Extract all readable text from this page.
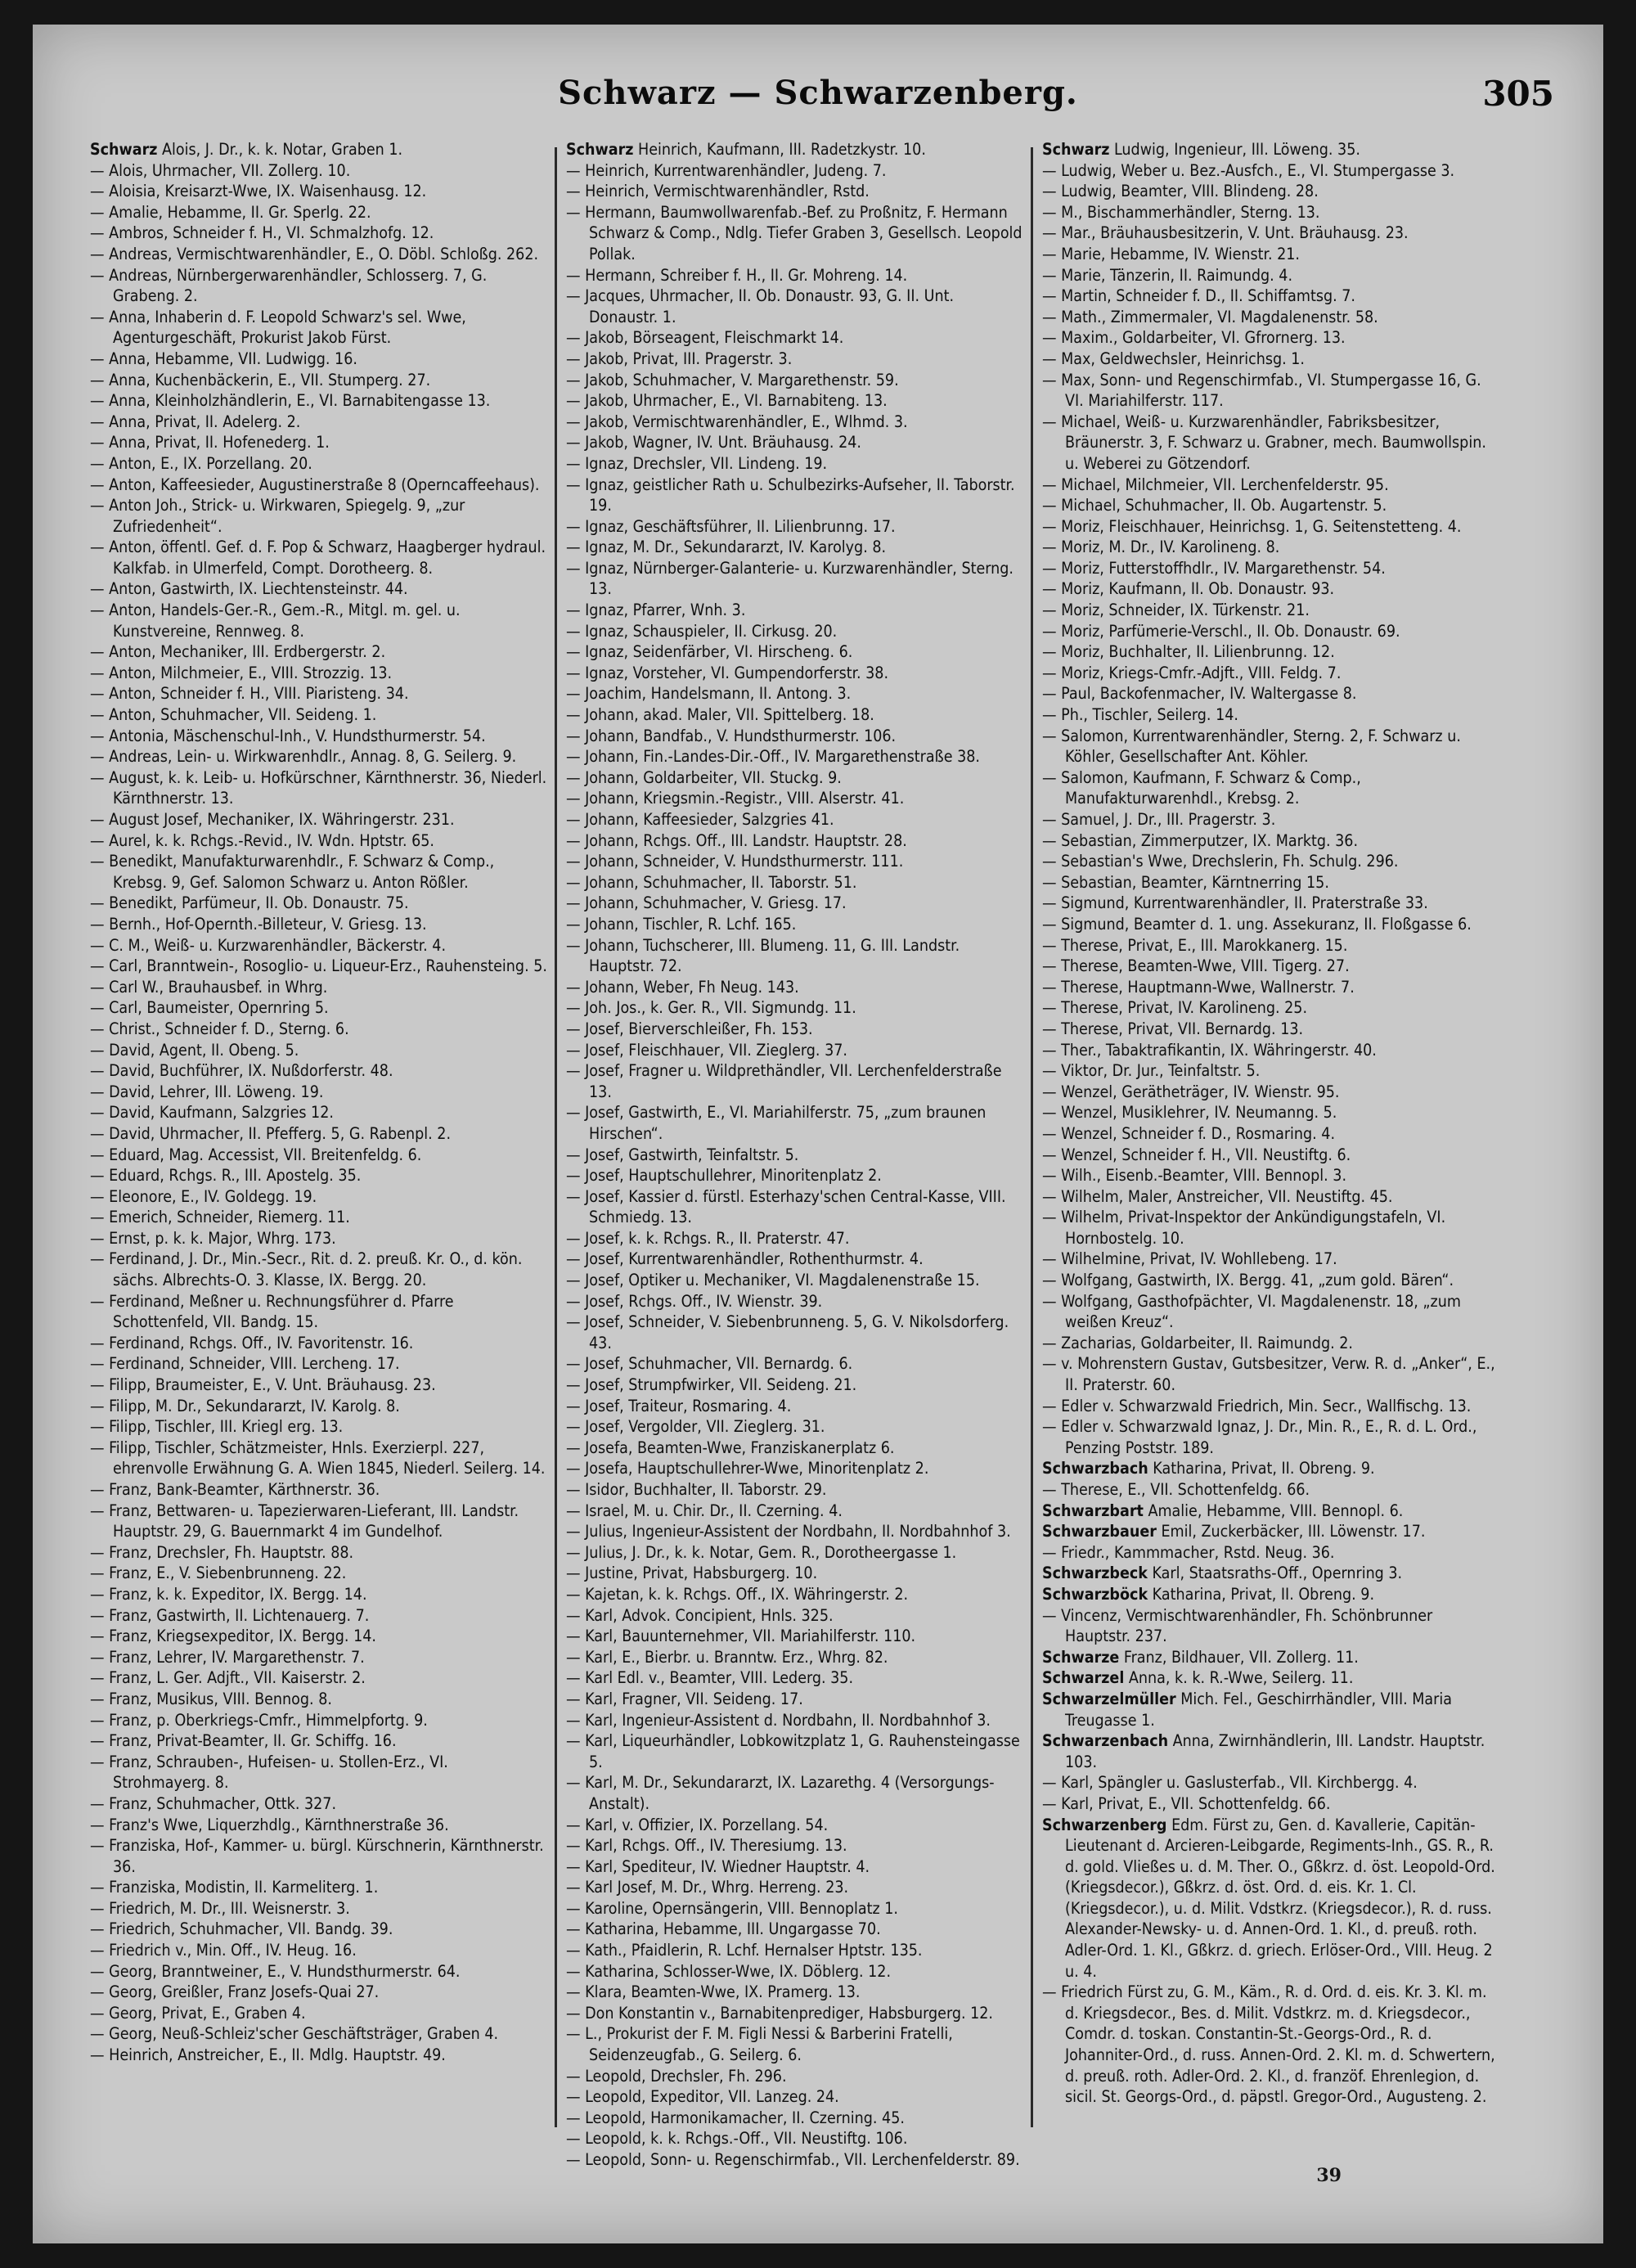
Schwarz — Schwarzenberg.	305

Schwarz Alois, J. Dr., k. k. Notar, Graben 1.

— Alois, Uhrmacher, VII. Zollerg. 10.

— Aloisia, Kreisarzt-Wwe, IX. Waisenhausg. 12.

— Amalie, Hebamme, II. Gr. Sperlg. 22.

— Ambros, Schneider f. H., VI. Schmalzhofg. 12.

— Andreas, Vermischtwarenhändler, E., O. Döbl. Schloßg. 262.

— Andreas, Nürnbergerwarenhändler, Schlosserg. 7, G. Grabeng. 2.

— Anna, Inhaberin d. F. Leopold Schwarz's sel. Wwe, Agenturgeschäft, Prokurist Jakob Fürst.

— Anna, Hebamme, VII. Ludwigg. 16.

— Anna, Kuchenbäckerin, E., VII. Stumperg. 27.

— Anna, Kleinholzhändlerin, E., VI. Barnabitengasse 13.

— Anna, Privat, II. Adelerg. 2.

— Anna, Privat, II. Hofenederg. 1.

— Anton, E., IX. Porzellang. 20.

— Anton, Kaffeesieder, Augustinerstraße 8 (Operncaffeehaus).

— Anton Joh., Strick- u. Wirkwaren, Spiegelg. 9, „zur Zufriedenheit“.

— Anton, öffentl. Gef. d. F. Pop & Schwarz, Haagberger hydraul. Kalkfab. in Ulmerfeld, Compt. Dorotheerg. 8.

— Anton, Gastwirth, IX. Liechtensteinstr. 44.

— Anton, Handels-Ger.-R., Gem.-R., Mitgl. m. gel. u. Kunstvereine, Rennweg. 8.

— Anton, Mechaniker, III. Erdbergerstr. 2.

— Anton, Milchmeier, E., VIII. Strozzig. 13.

— Anton, Schneider f. H., VIII. Piaristeng. 34.

— Anton, Schuhmacher, VII. Seideng. 1.

— Antonia, Mäschenschul-Inh., V. Hundsthurmerstr. 54.

— Andreas, Lein- u. Wirkwarenhdlr., Annag. 8, G. Seilerg. 9.

— August, k. k. Leib- u. Hofkürschner, Kärnthnerstr. 36, Niederl. Kärnthnerstr. 13.

— August Josef, Mechaniker, IX. Währingerstr. 231.

— Aurel, k. k. Rchgs.-Revid., IV. Wdn. Hptstr. 65.

— Benedikt, Manufakturwarenhdlr., F. Schwarz & Comp., Krebsg. 9, Gef. Salomon Schwarz u. Anton Rößler.

— Benedikt, Parfümeur, II. Ob. Donaustr. 75.

— Bernh., Hof-Opernth.-Billeteur, V. Griesg. 13.

— C. M., Weiß- u. Kurzwarenhändler, Bäckerstr. 4.

— Carl, Branntwein-, Rosoglio- u. Liqueur-Erz., Rauhensteing. 5.

— Carl W., Brauhausbef. in Whrg.

— Carl, Baumeister, Opernring 5.

— Christ., Schneider f. D., Sterng. 6.

— David, Agent, II. Obeng. 5.

— David, Buchführer, IX. Nußdorferstr. 48.

— David, Lehrer, III. Löweng. 19.

— David, Kaufmann, Salzgries 12.

— David, Uhrmacher, II. Pfefferg. 5, G. Rabenpl. 2.

— Eduard, Mag. Accessist, VII. Breitenfeldg. 6.

— Eduard, Rchgs. R., III. Apostelg. 35.

— Eleonore, E., IV. Goldegg. 19.

— Emerich, Schneider, Riemerg. 11.

— Ernst, p. k. k. Major, Whrg. 173.

— Ferdinand, J. Dr., Min.-Secr., Rit. d. 2. preuß. Kr. O., d. kön. sächs. Albrechts-O. 3. Klasse, IX. Bergg. 20.

— Ferdinand, Meßner u. Rechnungsführer d. Pfarre Schottenfeld, VII. Bandg. 15.

— Ferdinand, Rchgs. Off., IV. Favoritenstr. 16.

— Ferdinand, Schneider, VIII. Lercheng. 17.

— Filipp, Braumeister, E., V. Unt. Bräuhausg. 23.

— Filipp, M. Dr., Sekundararzt, IV. Karolg. 8.

— Filipp, Tischler, III. Kriegl erg. 13.

— Filipp, Tischler, Schätzmeister, Hnls. Exerzierpl. 227, ehrenvolle Erwähnung G. A. Wien 1845, Niederl. Seilerg. 14.

— Franz, Bank-Beamter, Kärthnerstr. 36.

— Franz, Bettwaren- u. Tapezierwaren-Lieferant, III. Landstr. Hauptstr. 29, G. Bauernmarkt 4 im Gundelhof.

— Franz, Drechsler, Fh. Hauptstr. 88.

— Franz, E., V. Siebenbrunneng. 22.

— Franz, k. k. Expeditor, IX. Bergg. 14.

— Franz, Gastwirth, II. Lichtenauerg. 7.

— Franz, Kriegsexpeditor, IX. Bergg. 14.

— Franz, Lehrer, IV. Margarethenstr. 7.

— Franz, L. Ger. Adjft., VII. Kaiserstr. 2.

— Franz, Musikus, VIII. Bennog. 8.

— Franz, p. Oberkriegs-Cmfr., Himmelpfortg. 9.

— Franz, Privat-Beamter, II. Gr. Schiffg. 16.

— Franz, Schrauben-, Hufeisen- u. Stollen-Erz., VI. Strohmayerg. 8.

— Franz, Schuhmacher, Ottk. 327.

— Franz's Wwe, Liquerzhdlg., Kärnthnerstraße 36.

— Franziska, Hof-, Kammer- u. bürgl. Kürschnerin, Kärnthnerstr. 36.

— Franziska, Modistin, II. Karmeliterg. 1.

— Friedrich, M. Dr., III. Weisnerstr. 3.

— Friedrich, Schuhmacher, VII. Bandg. 39.

— Friedrich v., Min. Off., IV. Heug. 16.

— Georg, Branntweiner, E., V. Hundsthurmerstr. 64.

— Georg, Greißler, Franz Josefs-Quai 27.

— Georg, Privat, E., Graben 4.

— Georg, Neuß-Schleiz'scher Geschäftsträger, Graben 4.

— Heinrich, Anstreicher, E., II. Mdlg. Hauptstr. 49.

Schwarz Heinrich, Kaufmann, III. Radetzkystr. 10.

— Heinrich, Kurrentwarenhändler, Judeng. 7.

— Heinrich, Vermischtwarenhändler, Rstd.

— Hermann, Baumwollwarenfab.-Bef. zu Proßnitz, F. Hermann Schwarz & Comp., Ndlg. Tiefer Graben 3, Gesellsch. Leopold Pollak.

— Hermann, Schreiber f. H., II. Gr. Mohreng. 14.

— Jacques, Uhrmacher, II. Ob. Donaustr. 93, G. II. Unt. Donaustr. 1.

— Jakob, Börseagent, Fleischmarkt 14.

— Jakob, Privat, III. Pragerstr. 3.

— Jakob, Schuhmacher, V. Margarethenstr. 59.

— Jakob, Uhrmacher, E., VI. Barnabiteng. 13.

— Jakob, Vermischtwarenhändler, E., Wlhmd. 3.

— Jakob, Wagner, IV. Unt. Bräuhausg. 24.

— Ignaz, Drechsler, VII. Lindeng. 19.

— Ignaz, geistlicher Rath u. Schulbezirks-Aufseher, II. Taborstr. 19.

— Ignaz, Geschäftsführer, II. Lilienbrunng. 17.

— Ignaz, M. Dr., Sekundararzt, IV. Karolyg. 8.

— Ignaz, Nürnberger-Galanterie- u. Kurzwarenhändler, Sterng. 13.

— Ignaz, Pfarrer, Wnh. 3.

— Ignaz, Schauspieler, II. Cirkusg. 20.

— Ignaz, Seidenfärber, VI. Hirscheng. 6.

— Ignaz, Vorsteher, VI. Gumpendorferstr. 38.

— Joachim, Handelsmann, II. Antong. 3.

— Johann, akad. Maler, VII. Spittelberg. 18.

— Johann, Bandfab., V. Hundsthurmerstr. 106.

— Johann, Fin.-Landes-Dir.-Off., IV. Margarethenstraße 38.

— Johann, Goldarbeiter, VII. Stuckg. 9.

— Johann, Kriegsmin.-Registr., VIII. Alserstr. 41.

— Johann, Kaffeesieder, Salzgries 41.

— Johann, Rchgs. Off., III. Landstr. Hauptstr. 28.

— Johann, Schneider, V. Hundsthurmerstr. 111.

— Johann, Schuhmacher, II. Taborstr. 51.

— Johann, Schuhmacher, V. Griesg. 17.

— Johann, Tischler, R. Lchf. 165.

— Johann, Tuchscherer, III. Blumeng. 11, G. III. Landstr. Hauptstr. 72.

— Johann, Weber, Fh Neug. 143.

— Joh. Jos., k. Ger. R., VII. Sigmundg. 11.

— Josef, Bierverschleißer, Fh. 153.

— Josef, Fleischhauer, VII. Zieglerg. 37.

— Josef, Fragner u. Wildprethändler, VII. Lerchenfelderstraße 13.

— Josef, Gastwirth, E., VI. Mariahilferstr. 75, „zum braunen Hirschen“.

— Josef, Gastwirth, Teinfaltstr. 5.

— Josef, Hauptschullehrer, Minoritenplatz 2.

— Josef, Kassier d. fürstl. Esterhazy'schen Central-Kasse, VIII. Schmiedg. 13.

— Josef, k. k. Rchgs. R., II. Praterstr. 47.

— Josef, Kurrentwarenhändler, Rothenthurmstr. 4.

— Josef, Optiker u. Mechaniker, VI. Magdalenenstraße 15.

— Josef, Rchgs. Off., IV. Wienstr. 39.

— Josef, Schneider, V. Siebenbrunneng. 5, G. V. Nikolsdorferg. 43.

— Josef, Schuhmacher, VII. Bernardg. 6.

— Josef, Strumpfwirker, VII. Seideng. 21.

— Josef, Traiteur, Rosmaring. 4.

— Josef, Vergolder, VII. Zieglerg. 31.

— Josefa, Beamten-Wwe, Franziskanerplatz 6.

— Josefa, Hauptschullehrer-Wwe, Minoritenplatz 2.

— Isidor, Buchhalter, II. Taborstr. 29.

— Israel, M. u. Chir. Dr., II. Czerning. 4.

— Julius, Ingenieur-Assistent der Nordbahn, II. Nordbahnhof 3.

— Julius, J. Dr., k. k. Notar, Gem. R., Dorotheergasse 1.

— Justine, Privat, Habsburgerg. 10.

— Kajetan, k. k. Rchgs. Off., IX. Währingerstr. 2.

— Karl, Advok. Concipient, Hnls. 325.

— Karl, Bauunternehmer, VII. Mariahilferstr. 110.

— Karl, E., Bierbr. u. Branntw. Erz., Whrg. 82.

— Karl Edl. v., Beamter, VIII. Lederg. 35.

— Karl, Fragner, VII. Seideng. 17.

— Karl, Ingenieur-Assistent d. Nordbahn, II. Nordbahnhof 3.

— Karl, Liqueurhändler, Lobkowitzplatz 1, G. Rauhensteingasse 5.

— Karl, M. Dr., Sekundararzt, IX. Lazarethg. 4 (Versorgungs-Anstalt).

— Karl, v. Offizier, IX. Porzellang. 54.

— Karl, Rchgs. Off., IV. Theresiumg. 13.

— Karl, Spediteur, IV. Wiedner Hauptstr. 4.

— Karl Josef, M. Dr., Whrg. Herreng. 23.

— Karoline, Opernsängerin, VIII. Bennoplatz 1.

— Katharina, Hebamme, III. Ungargasse 70.

— Kath., Pfaidlerin, R. Lchf. Hernalser Hptstr. 135.

— Katharina, Schlosser-Wwe, IX. Döblerg. 12.

— Klara, Beamten-Wwe, IX. Pramerg. 13.

— Don Konstantin v., Barnabitenprediger, Habsburgerg. 12.

— L., Prokurist der F. M. Figli Nessi & Barberini Fratelli, Seidenzeugfab., G. Seilerg. 6.

— Leopold, Drechsler, Fh. 296.

— Leopold, Expeditor, VII. Lanzeg. 24.

— Leopold, Harmonikamacher, II. Czerning. 45.

— Leopold, k. k. Rchgs.-Off., VII. Neustiftg. 106.

— Leopold, Sonn- u. Regenschirmfab., VII. Lerchenfelderstr. 89.

Schwarz Ludwig, Ingenieur, III. Löweng. 35.

— Ludwig, Weber u. Bez.-Ausfch., E., VI. Stumpergasse 3.

— Ludwig, Beamter, VIII. Blindeng. 28.

— M., Bischammerhändler, Sterng. 13.

— Mar., Bräuhausbesitzerin, V. Unt. Bräuhausg. 23.

— Marie, Hebamme, IV. Wienstr. 21.

— Marie, Tänzerin, II. Raimundg. 4.

— Martin, Schneider f. D., II. Schiffamtsg. 7.

— Math., Zimmermaler, VI. Magdalenenstr. 58.

— Maxim., Goldarbeiter, VI. Gfrornerg. 13.

— Max, Geldwechsler, Heinrichsg. 1.

— Max, Sonn- und Regenschirmfab., VI. Stumpergasse 16, G. VI. Mariahilferstr. 117.

— Michael, Weiß- u. Kurzwarenhändler, Fabriksbesitzer, Bräunerstr. 3, F. Schwarz u. Grabner, mech. Baumwollspin. u. Weberei zu Götzendorf.

— Michael, Milchmeier, VII. Lerchenfelderstr. 95.

— Michael, Schuhmacher, II. Ob. Augartenstr. 5.

— Moriz, Fleischhauer, Heinrichsg. 1, G. Seitenstetteng. 4.

— Moriz, M. Dr., IV. Karolineng. 8.

— Moriz, Futterstoffhdlr., IV. Margarethenstr. 54.

— Moriz, Kaufmann, II. Ob. Donaustr. 93.

— Moriz, Schneider, IX. Türkenstr. 21.

— Moriz, Parfümerie-Verschl., II. Ob. Donaustr. 69.

— Moriz, Buchhalter, II. Lilienbrunng. 12.

— Moriz, Kriegs-Cmfr.-Adjft., VIII. Feldg. 7.

— Paul, Backofenmacher, IV. Waltergasse 8.

— Ph., Tischler, Seilerg. 14.

— Salomon, Kurrentwarenhändler, Sterng. 2, F. Schwarz u. Köhler, Gesellschafter Ant. Köhler.

— Salomon, Kaufmann, F. Schwarz & Comp., Manufakturwarenhdl., Krebsg. 2.

— Samuel, J. Dr., III. Pragerstr. 3.

— Sebastian, Zimmerputzer, IX. Marktg. 36.

— Sebastian's Wwe, Drechslerin, Fh. Schulg. 296.

— Sebastian, Beamter, Kärntnerring 15.

— Sigmund, Kurrentwarenhändler, II. Praterstraße 33.

— Sigmund, Beamter d. 1. ung. Assekuranz, II. Floßgasse 6.

— Therese, Privat, E., III. Marokkanerg. 15.

— Therese, Beamten-Wwe, VIII. Tigerg. 27.

— Therese, Hauptmann-Wwe, Wallnerstr. 7.

— Therese, Privat, IV. Karolineng. 25.

— Therese, Privat, VII. Bernardg. 13.

— Ther., Tabaktrafikantin, IX. Währingerstr. 40.

— Viktor, Dr. Jur., Teinfaltstr. 5.

— Wenzel, Gerätheträger, IV. Wienstr. 95.

— Wenzel, Musiklehrer, IV. Neumanng. 5.

— Wenzel, Schneider f. D., Rosmaring. 4.

— Wenzel, Schneider f. H., VII. Neustiftg. 6.

— Wilh., Eisenb.-Beamter, VIII. Bennopl. 3.

— Wilhelm, Maler, Anstreicher, VII. Neustiftg. 45.

— Wilhelm, Privat-Inspektor der Ankündigungstafeln, VI. Hornbostelg. 10.

— Wilhelmine, Privat, IV. Wohllebeng. 17.

— Wolfgang, Gastwirth, IX. Bergg. 41, „zum gold. Bären“.

— Wolfgang, Gasthofpächter, VI. Magdalenenstr. 18, „zum weißen Kreuz“.

— Zacharias, Goldarbeiter, II. Raimundg. 2.

— v. Mohrenstern Gustav, Gutsbesitzer, Verw. R. d. „Anker“, E., II. Praterstr. 60.

— Edler v. Schwarzwald Friedrich, Min. Secr., Wallfischg. 13.

— Edler v. Schwarzwald Ignaz, J. Dr., Min. R., E., R. d. L. Ord., Penzing Poststr. 189.

Schwarzbach Katharina, Privat, II. Obreng. 9.

— Therese, E., VII. Schottenfeldg. 66.

Schwarzbart Amalie, Hebamme, VIII. Bennopl. 6.

Schwarzbauer Emil, Zuckerbäcker, III. Löwenstr. 17.

— Friedr., Kammmacher, Rstd. Neug. 36.

Schwarzbeck Karl, Staatsraths-Off., Opernring 3.

Schwarzböck Katharina, Privat, II. Obreng. 9.

— Vincenz, Vermischtwarenhändler, Fh. Schönbrunner Hauptstr. 237.

Schwarze Franz, Bildhauer, VII. Zollerg. 11.

Schwarzel Anna, k. k. R.-Wwe, Seilerg. 11.

Schwarzelmüller Mich. Fel., Geschirrhändler, VIII. Maria Treugasse 1.

Schwarzenbach Anna, Zwirnhändlerin, III. Landstr. Hauptstr. 103.

— Karl, Spängler u. Gaslusterfab., VII. Kirchbergg. 4.

— Karl, Privat, E., VII. Schottenfeldg. 66.

Schwarzenberg Edm. Fürst zu, Gen. d. Kavallerie, Capitän-Lieutenant d. Arcieren-Leibgarde, Regiments-Inh., GS. R., R. d. gold. Vließes u. d. M. Ther. O., Gßkrz. d. öst. Leopold-Ord. (Kriegsdecor.), Gßkrz. d. öst. Ord. d. eis. Kr. 1. Cl. (Kriegsdecor.), u. d. Milit. Vdstkrz. (Kriegsdecor.), R. d. russ. Alexander-Newsky- u. d. Annen-Ord. 1. Kl., d. preuß. roth. Adler-Ord. 1. Kl., Gßkrz. d. griech. Erlöser-Ord., VIII. Heug. 2 u. 4.

— Friedrich Fürst zu, G. M., Käm., R. d. Ord. d. eis. Kr. 3. Kl. m. d. Kriegsdecor., Bes. d. Milit. Vdstkrz. m. d. Kriegsdecor., Comdr. d. toskan. Constantin-St.-Georgs-Ord., R. d. Johanniter-Ord., d. russ. Annen-Ord. 2. Kl. m. d. Schwertern, d. preuß. roth. Adler-Ord. 2. Kl., d. franzöf. Ehrenlegion, d. sicil. St. Georgs-Ord., d. päpstl. Gregor-Ord., Augusteng. 2.

39
